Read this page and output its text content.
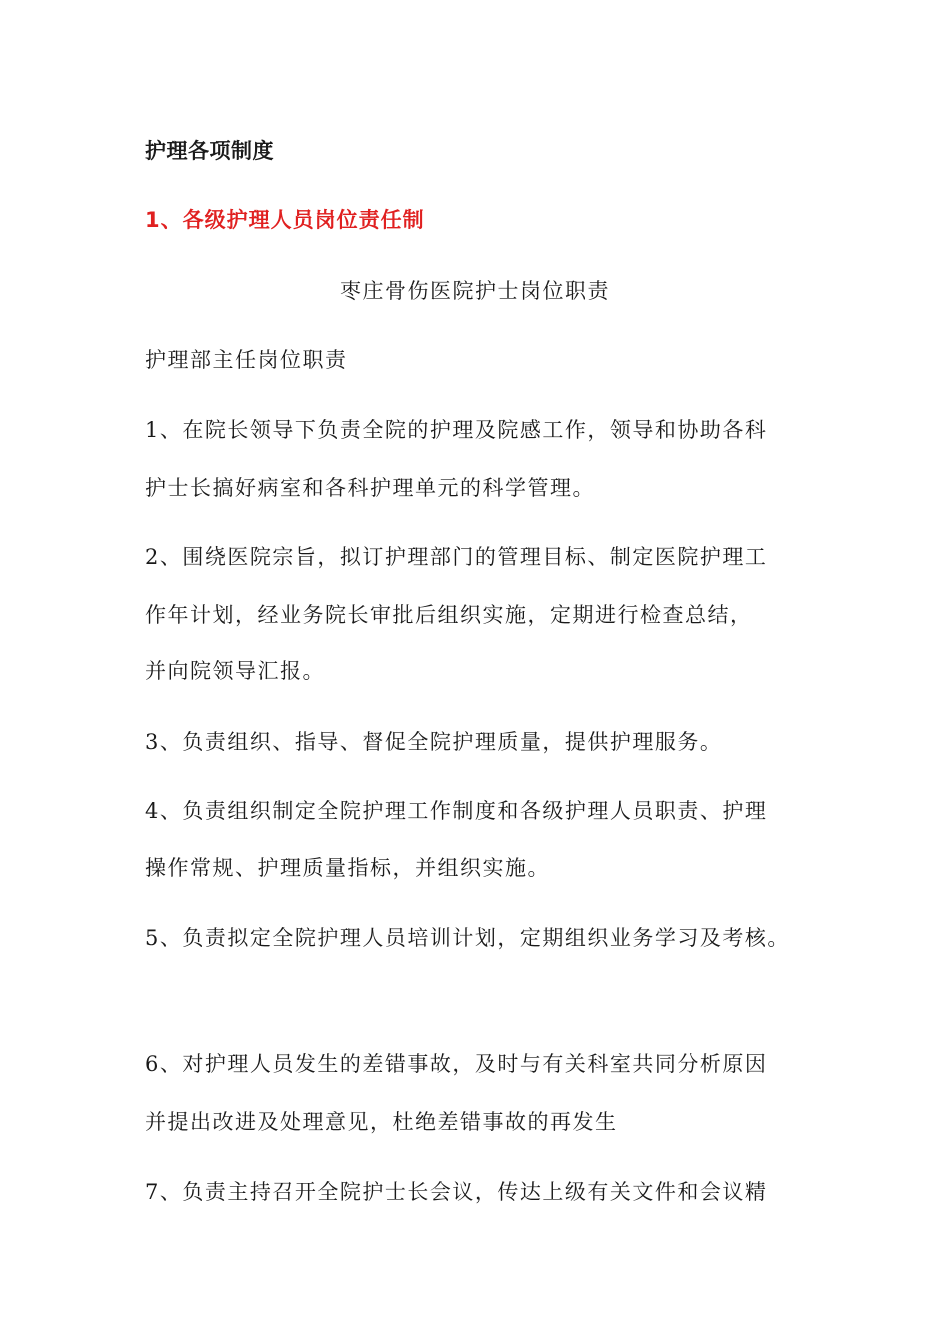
护理各项制度
1、各级护理人员岗位责任制
枣庄骨伤医院护士岗位职责
护理部主任岗位职责
1、在院长领导下负责全院的护理及院感工作，领导和协助各科
护士长搞好病室和各科护理单元的科学管理。
2、围绕医院宗旨，拟订护理部门的管理目标、制定医院护理工
作年计划，经业务院长审批后组织实施，定期进行检查总结，
并向院领导汇报。
3、负责组织、指导、督促全院护理质量，提供护理服务。
4、负责组织制定全院护理工作制度和各级护理人员职责、护理
操作常规、护理质量指标，并组织实施。
5、负责拟定全院护理人员培训计划，定期组织业务学习及考核。
6、对护理人员发生的差错事故，及时与有关科室共同分析原因
并提出改进及处理意见，杜绝差错事故的再发生
7、负责主持召开全院护士长会议，传达上级有关文件和会议精
